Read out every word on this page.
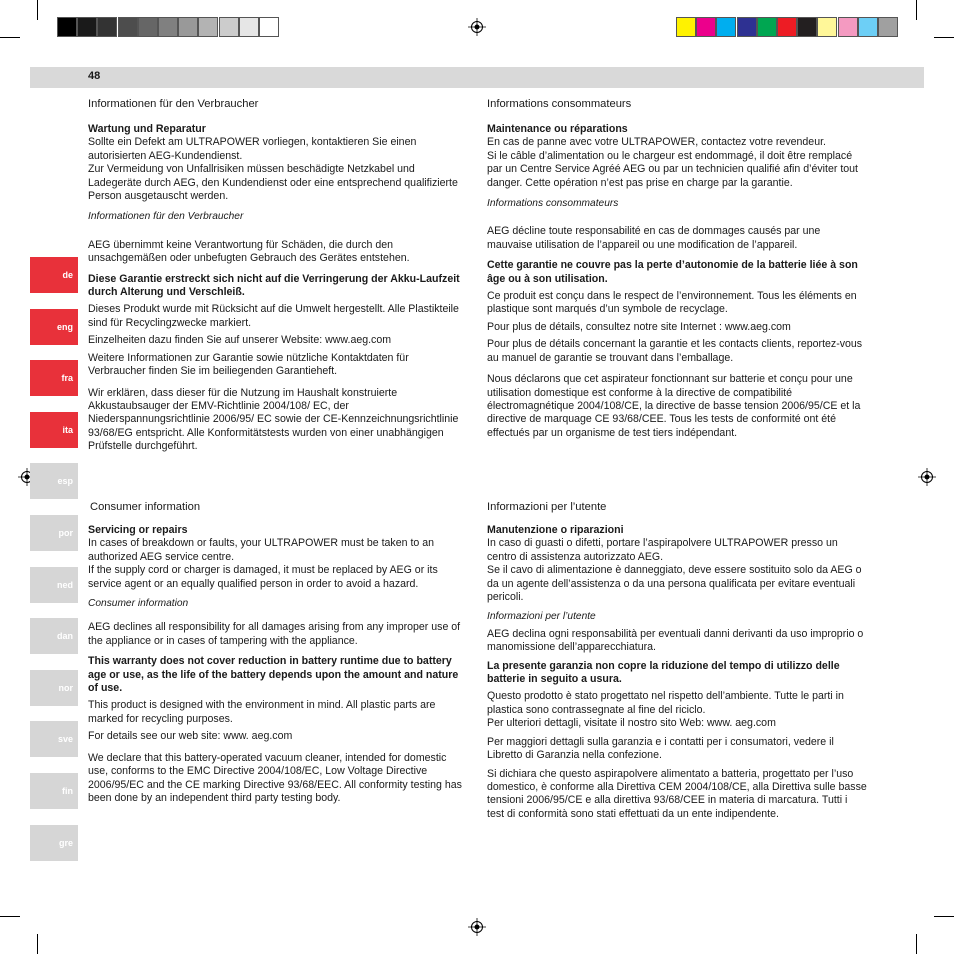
48
de
eng
fra
ita
esp
por
ned
dan
nor
sve
fin
gre

Informationen für den Verbraucher

Wartung und Reparatur

Sollte ein Defekt am ULTRAPOWER vorliegen, kontaktieren Sie einen autorisierten AEG-Kundendienst.

Zur Vermeidung von Unfallrisiken müssen beschädigte Netzkabel und Ladegeräte durch AEG, den Kundendienst oder eine entsprechend qualifizierte Person ausgetauscht werden.

Informationen für den Verbraucher

AEG übernimmt keine Verantwortung für Schäden, die durch den unsachgemäßen oder unbefugten Gebrauch des Gerätes entstehen.

Diese Garantie erstreckt sich nicht auf die Verringerung der Akku-Laufzeit durch Alterung und Verschleiß.

Dieses Produkt wurde mit Rücksicht auf die Umwelt hergestellt. Alle Plastikteile sind für Recyclingzwecke markiert.

Einzelheiten dazu finden Sie auf unserer Website: www.aeg.com

Weitere Informationen zur Garantie sowie nützliche Kontaktdaten für Verbraucher finden Sie im beiliegenden Garantieheft.

Wir erklären, dass dieser für die Nutzung im Haushalt konstruierte Akkustaubsauger der EMV-Richtlinie 2004/108/ EC, der Niederspannungsrichtlinie 2006/95/ EC sowie der CE-Kennzeichnungsrichtlinie 93/68/EG entspricht. Alle Konformitätstests wurden von einer unabhängigen Prüfstelle durchgeführt.

Informations consommateurs

Maintenance ou réparations

En cas de panne avec votre ULTRAPOWER, contactez votre revendeur.

Si le câble d’alimentation ou le chargeur est endommagé, il doit être remplacé par un Centre Service Agréé AEG ou par un technicien qualifié afin d’éviter tout danger. Cette opération n’est pas prise en charge par la garantie.

Informations consommateurs

AEG décline toute responsabilité en cas de dommages causés par une mauvaise utilisation de l’appareil ou une modification de l’appareil.

Cette garantie ne couvre pas la perte d’autonomie de la batterie liée à son âge ou à son utilisation.

Ce produit est conçu dans le respect de l’environnement. Tous les éléments en plastique sont marqués d’un symbole de recyclage.

Pour plus de détails, consultez notre site Internet : www.aeg.com

Pour plus de détails concernant la garantie et les contacts clients, reportez-vous au manuel de garantie se trouvant dans l’emballage.

Nous déclarons que cet aspirateur fonctionnant sur batterie et conçu pour une utilisation domestique est conforme à la directive de compatibilité électromagnétique 2004/108/CE, la directive de basse tension 2006/95/CE et la directive de marquage CE 93/68/CEE. Tous les tests de conformité ont été effectués par un organisme de test tiers indépendant.

Consumer information

Servicing or repairs

In cases of breakdown or faults, your ULTRAPOWER must be taken to an authorized AEG service centre.

If the supply cord or charger is damaged, it must be replaced by AEG or its service agent or an equally qualified person in order to avoid a hazard.

Consumer information

AEG declines all responsibility for all damages arising from any improper use of the appliance or in cases of tampering with the appliance.

This warranty does not cover reduction in battery runtime due to battery age or use, as the life of the battery depends upon the amount and nature of use.

This product is designed with the environment in mind. All plastic parts are marked for recycling purposes.

For details see our web site: www. aeg.com

We declare that this battery-operated vacuum cleaner, intended for domestic use, conforms to the EMC Directive 2004/108/EC, Low Voltage Directive 2006/95/EC and the CE marking Directive 93/68/EEC. All conformity testing has been done by an independent third party testing body.

Informazioni per l’utente

Manutenzione o riparazioni

In caso di guasti o difetti, portare l’aspirapolvere ULTRAPOWER presso un centro di assistenza autorizzato AEG.

Se il cavo di alimentazione è danneggiato, deve essere sostituito solo da AEG o da un agente dell’assistenza o da una persona qualificata per evitare eventuali pericoli.

Informazioni per l’utente

AEG declina ogni responsabilità per eventuali danni derivanti da uso improprio o manomissione dell’apparecchiatura.

La presente garanzia non copre la riduzione del tempo di utilizzo delle batterie in seguito a usura.

Questo prodotto è stato progettato nel rispetto dell’ambiente. Tutte le parti in plastica sono contrassegnate al fine del riciclo.

Per ulteriori dettagli, visitate il nostro sito Web: www. aeg.com

Per maggiori dettagli sulla garanzia e i contatti per i consumatori, vedere il Libretto di Garanzia nella confezione.

Si dichiara che questo aspirapolvere alimentato a batteria, progettato per l’uso domestico, è conforme alla Direttiva CEM 2004/108/CE, alla Direttiva sulle basse tensioni 2006/95/CE e alla direttiva 93/68/CEE in materia di marcatura. Tutti i test di conformità sono stati effettuati da un ente indipendente.
